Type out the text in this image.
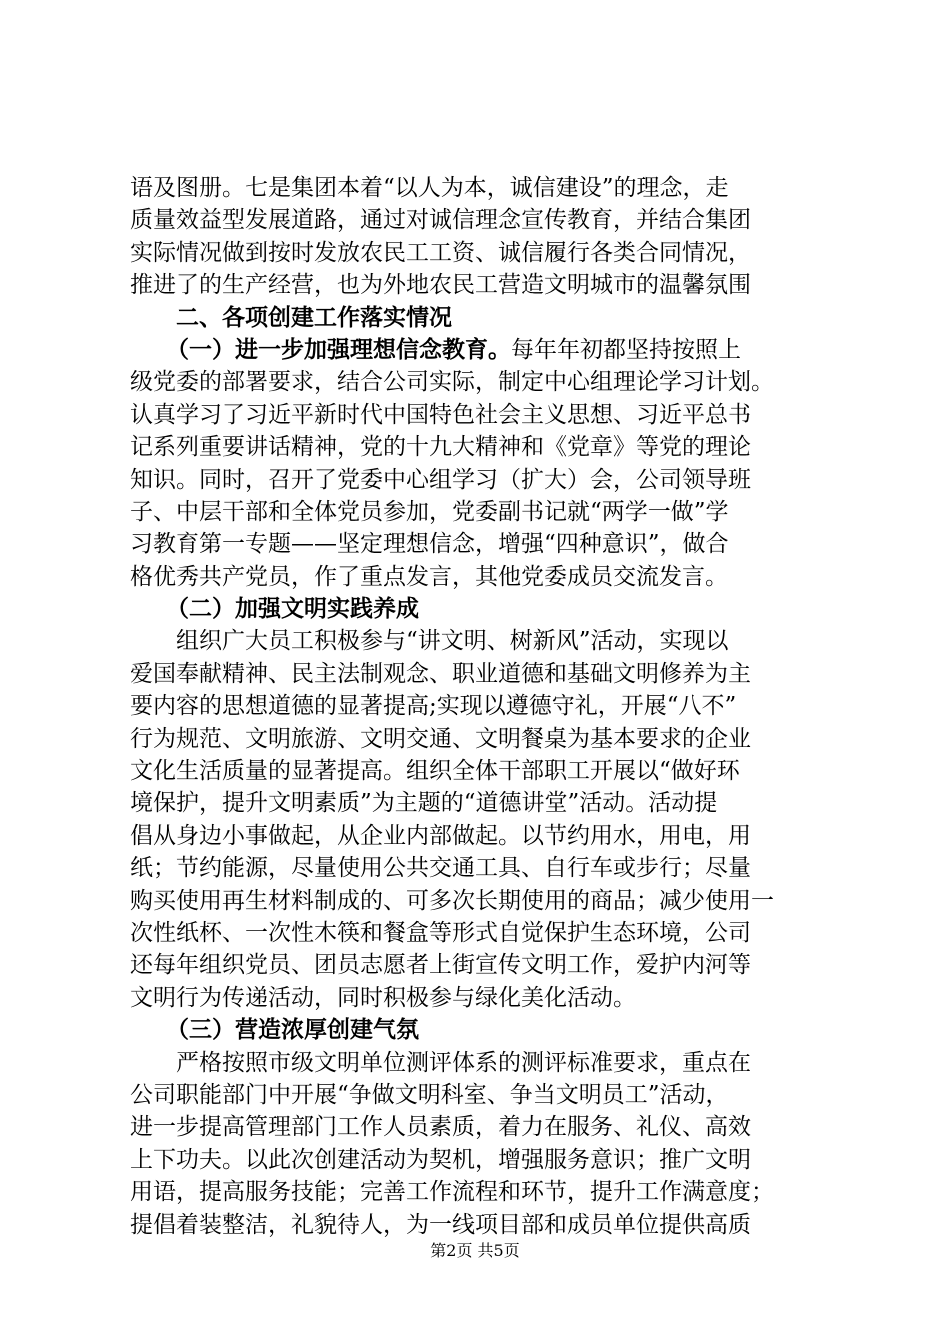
语及图册。七是集团本着“以人为本，诚信建设”的理念，走
质量效益型发展道路，通过对诚信理念宣传教育，并结合集团
实际情况做到按时发放农民工工资、诚信履行各类合同情况，
推进了的生产经营，也为外地农民工营造文明城市的温馨氛围
二、各项创建工作落实情况
（一）进一步加强理想信念教育。每年年初都坚持按照上
级党委的部署要求，结合公司实际，制定中心组理论学习计划。
认真学习了习近平新时代中国特色社会主义思想、习近平总书
记系列重要讲话精神，党的十九大精神和《党章》等党的理论
知识。同时，召开了党委中心组学习（扩大）会，公司领导班
子、中层干部和全体党员参加，党委副书记就“两学一做”学
习教育第一专题——坚定理想信念，增强“四种意识”，做合
格优秀共产党员，作了重点发言，其他党委成员交流发言。
（二）加强文明实践养成
组织广大员工积极参与“讲文明、树新风”活动，实现以
爱国奉献精神、民主法制观念、职业道德和基础文明修养为主
要内容的思想道德的显著提高;实现以遵德守礼，开展“八不”
行为规范、文明旅游、文明交通、文明餐桌为基本要求的企业
文化生活质量的显著提高。组织全体干部职工开展以“做好环
境保护，提升文明素质”为主题的“道德讲堂”活动。活动提
倡从身边小事做起，从企业内部做起。以节约用水，用电，用
纸；节约能源，尽量使用公共交通工具、自行车或步行；尽量
购买使用再生材料制成的、可多次长期使用的商品；减少使用一
次性纸杯、一次性木筷和餐盒等形式自觉保护生态环境，公司
还每年组织党员、团员志愿者上街宣传文明工作，爱护内河等
文明行为传递活动，同时积极参与绿化美化活动。
（三）营造浓厚创建气氛
严格按照市级文明单位测评体系的测评标准要求，重点在
公司职能部门中开展“争做文明科室、争当文明员工”活动，
进一步提高管理部门工作人员素质，着力在服务、礼仪、高效
上下功夫。以此次创建活动为契机，增强服务意识；推广文明
用语，提高服务技能；完善工作流程和环节，提升工作满意度；
提倡着装整洁，礼貌待人，为一线项目部和成员单位提供高质
第2页 共5页
